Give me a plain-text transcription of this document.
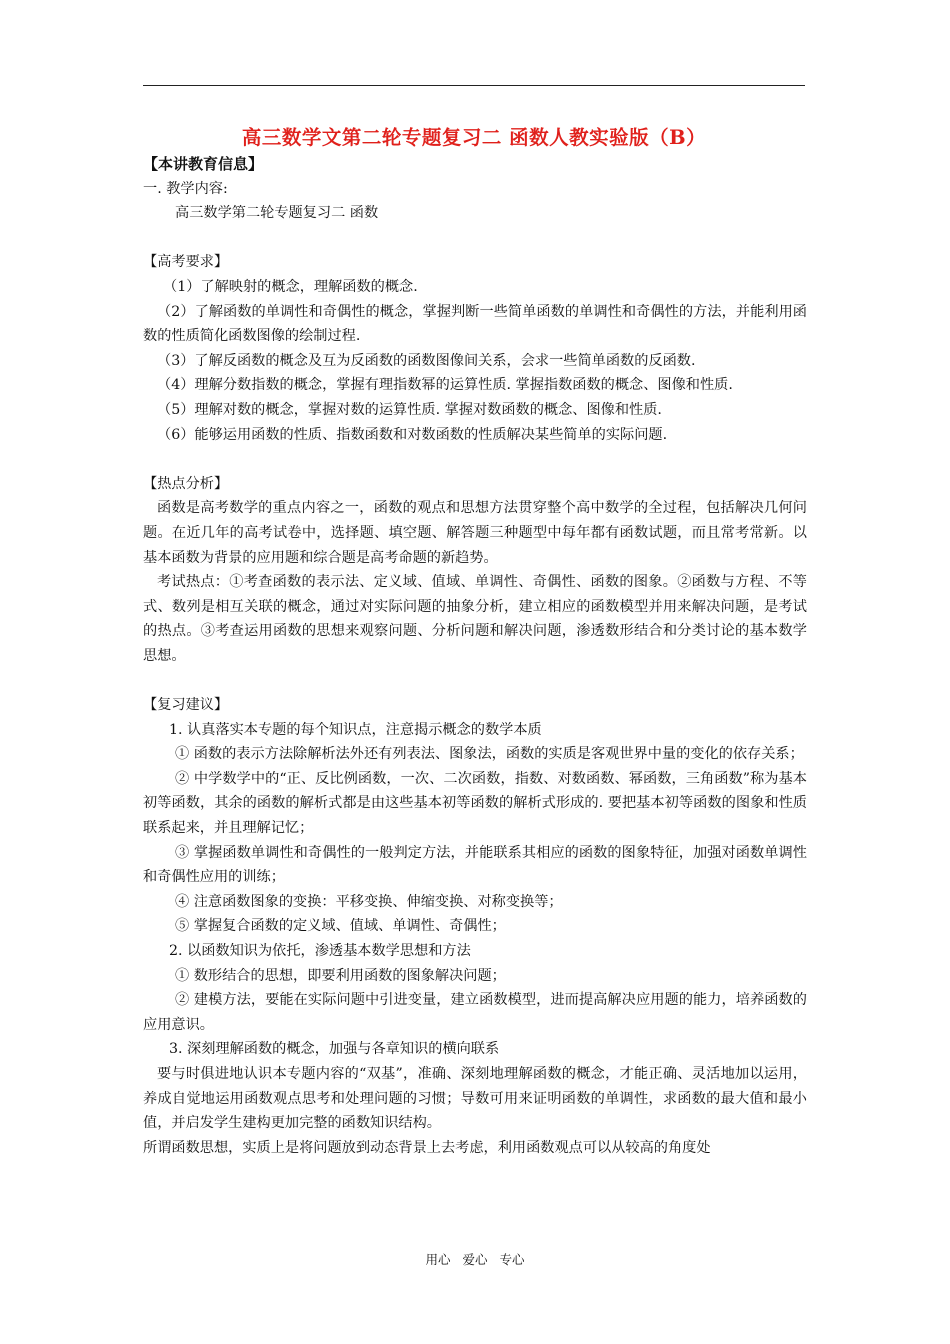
高三数学文第二轮专题复习二 函数人教实验版（B）

【本讲教育信息】

一. 教学内容:

高三数学第二轮专题复习二 函数

【高考要求】

（1）了解映射的概念，理解函数的概念.

（2）了解函数的单调性和奇偶性的概念，掌握判断一些简单函数的单调性和奇偶性的方法，并能利用函数的性质简化函数图像的绘制过程.

（3）了解反函数的概念及互为反函数的函数图像间关系，会求一些简单函数的反函数.

（4）理解分数指数的概念，掌握有理指数幂的运算性质. 掌握指数函数的概念、图像和性质.

（5）理解对数的概念，掌握对数的运算性质. 掌握对数函数的概念、图像和性质.

（6）能够运用函数的性质、指数函数和对数函数的性质解决某些简单的实际问题.

【热点分析】

函数是高考数学的重点内容之一，函数的观点和思想方法贯穿整个高中数学的全过程，包括解决几何问题。在近几年的高考试卷中，选择题、填空题、解答题三种题型中每年都有函数试题，而且常考常新。以基本函数为背景的应用题和综合题是高考命题的新趋势。

考试热点：①考查函数的表示法、定义域、值域、单调性、奇偶性、函数的图象。②函数与方程、不等式、数列是相互关联的概念，通过对实际问题的抽象分析，建立相应的函数模型并用来解决问题，是考试的热点。③考查运用函数的思想来观察问题、分析问题和解决问题，渗透数形结合和分类讨论的基本数学思想。

【复习建议】

1. 认真落实本专题的每个知识点，注意揭示概念的数学本质

① 函数的表示方法除解析法外还有列表法、图象法，函数的实质是客观世界中量的变化的依存关系；

② 中学数学中的“正、反比例函数，一次、二次函数，指数、对数函数、幂函数，三角函数”称为基本初等函数，其余的函数的解析式都是由这些基本初等函数的解析式形成的. 要把基本初等函数的图象和性质联系起来，并且理解记忆；

③ 掌握函数单调性和奇偶性的一般判定方法，并能联系其相应的函数的图象特征，加强对函数单调性和奇偶性应用的训练；

④ 注意函数图象的变换：平移变换、伸缩变换、对称变换等；

⑤ 掌握复合函数的定义域、值域、单调性、奇偶性；

2. 以函数知识为依托，渗透基本数学思想和方法

① 数形结合的思想，即要利用函数的图象解决问题；

② 建模方法，要能在实际问题中引进变量，建立函数模型，进而提高解决应用题的能力，培养函数的应用意识。

3. 深刻理解函数的概念，加强与各章知识的横向联系

要与时俱进地认识本专题内容的“双基”，准确、深刻地理解函数的概念，才能正确、灵活地加以运用，养成自觉地运用函数观点思考和处理问题的习惯；导数可用来证明函数的单调性，求函数的最大值和最小值，并启发学生建构更加完整的函数知识结构。

所谓函数思想，实质上是将问题放到动态背景上去考虑，利用函数观点可以从较高的角度处

用心 爱心 专心
